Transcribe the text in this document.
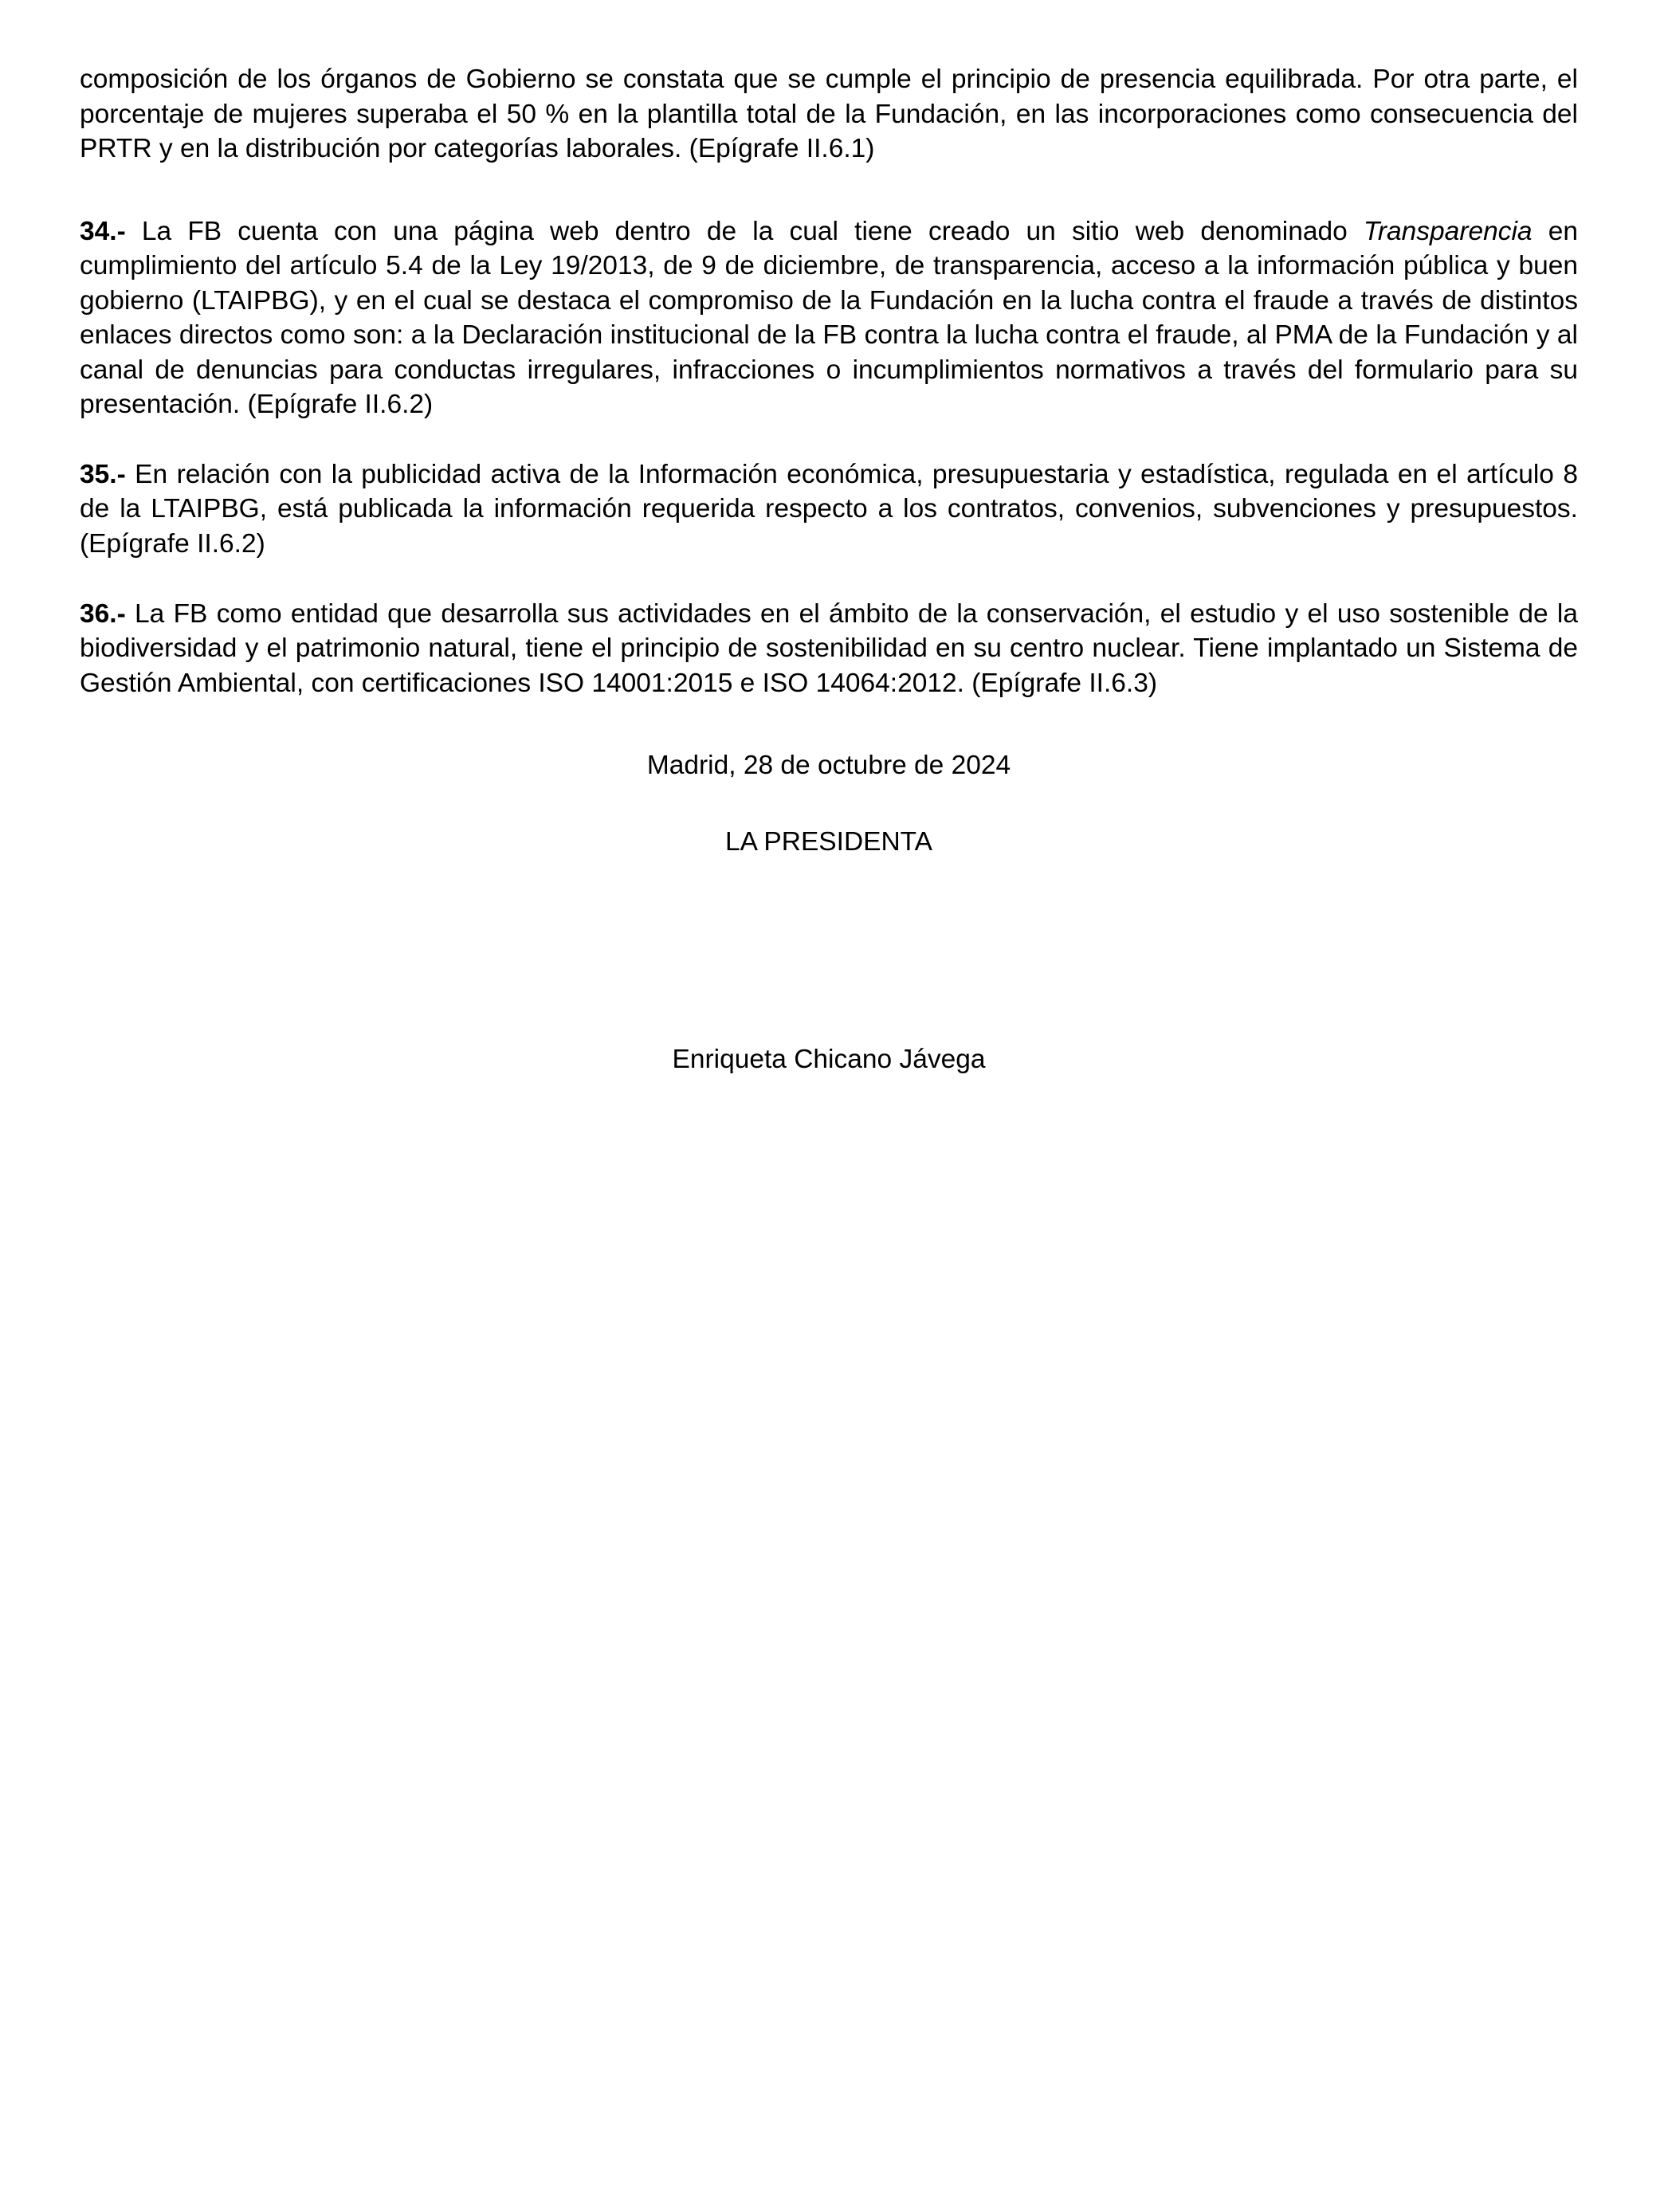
composición de los órganos de Gobierno se constata que se cumple el principio de presencia equilibrada. Por otra parte, el porcentaje de mujeres superaba el 50 % en la plantilla total de la Fundación, en las incorporaciones como consecuencia del PRTR y en la distribución por categorías laborales. (Epígrafe II.6.1)

34.- La FB cuenta con una página web dentro de la cual tiene creado un sitio web denominado Transparencia en cumplimiento del artículo 5.4 de la Ley 19/2013, de 9 de diciembre, de transparencia, acceso a la información pública y buen gobierno (LTAIPBG), y en el cual se destaca el compromiso de la Fundación en la lucha contra el fraude a través de distintos enlaces directos como son: a la Declaración institucional de la FB contra la lucha contra el fraude, al PMA de la Fundación y al canal de denuncias para conductas irregulares, infracciones o incumplimientos normativos a través del formulario para su presentación. (Epígrafe II.6.2)

35.- En relación con la publicidad activa de la Información económica, presupuestaria y estadística, regulada en el artículo 8 de la LTAIPBG, está publicada la información requerida respecto a los contratos, convenios, subvenciones y presupuestos. (Epígrafe II.6.2)

36.- La FB como entidad que desarrolla sus actividades en el ámbito de la conservación, el estudio y el uso sostenible de la biodiversidad y el patrimonio natural, tiene el principio de sostenibilidad en su centro nuclear. Tiene implantado un Sistema de Gestión Ambiental, con certificaciones ISO 14001:2015 e ISO 14064:2012. (Epígrafe II.6.3)

Madrid, 28 de octubre de 2024
LA PRESIDENTA
Enriqueta Chicano Jávega
